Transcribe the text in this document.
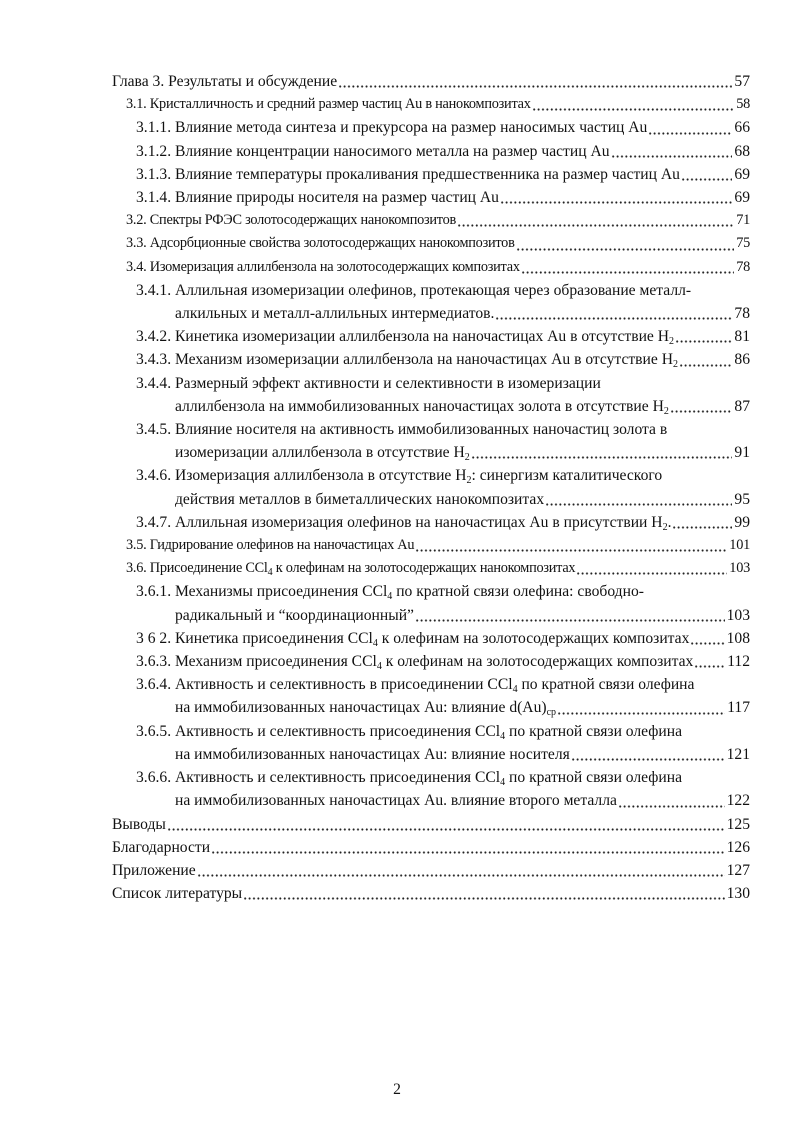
Глава 3. Результаты и обсуждение	57
3.1. Кристалличность и средний размер частиц Au в нанокомпозитах	58
3.1.1. Влияние метода синтеза и прекурсора на размер наносимых частиц Au	66
3.1.2. Влияние концентрации наносимого металла на размер частиц Au	68
3.1.3. Влияние температуры прокаливания предшественника на размер частиц Au	69
3.1.4. Влияние природы носителя на размер частиц Au	69
3.2. Спектры РФЭС золотосодержащих нанокомпозитов	71
3.3. Адсорбционные свойства золотосодержащих нанокомпозитов	75
3.4. Изомеризация аллилбензола на золотосодержащих композитах	78
3.4.1. Аллильная изомеризации олефинов, протекающая через образование металл-
алкильных и металл-аллильных интермедиатов.	78
3.4.2. Кинетика изомеризации аллилбензола на наночастицах Au в отсутствие $H_2$	81
3.4.3. Механизм изомеризации аллилбензола на наночастицах Au в отсутствие $H_2$	86
3.4.4. Размерный эффект активности и селективности в изомеризации
аллилбензола на иммобилизованных наночастицах золота в отсутствие $H_2$	87
3.4.5. Влияние носителя на активность иммобилизованных наночастиц золота в
изомеризации аллилбензола в отсутствие $H_2$	91
3.4.6. Изомеризация аллилбензола в отсутствие $H_2$: синергизм каталитического
действия металлов в биметаллических нанокомпозитах	95
3.4.7. Аллильная изомеризация олефинов на наночастицах Au в присутствии $H_2$.	99
3.5. Гидрирование олефинов на наночастицах Au	101
3.6. Присоединение CCl$_4$ к олефинам на золотосодержащих нанокомпозитах	103
3.6.1. Механизмы присоединения CCl$_4$ по кратной связи олефина: свободно-
радикальный и “координационный”	103
3 6 2. Кинетика присоединения CCl$_4$ к олефинам на золотосодержащих композитах 108
3.6.3. Механизм присоединения CCl$_4$ к олефинам на золотосодержащих композитах 112
3.6.4. Активность и селективность в присоединении CCl$_4$ по кратной связи олефина
на иммобилизованных наночастицах Au: влияние $d(Au)_{ср}$	117
3.6.5. Активность и селективность присоединения CCl$_4$ по кратной связи олефина
на иммобилизованных наночастицах Au: влияние носителя	121
3.6.6. Активность и селективность присоединения CCl$_4$ по кратной связи олефина
на иммобилизованных наночастицах Au. влияние второго металла	122
Выводы	125
Благодарности	126
Приложение	127
Список литературы	130
2
